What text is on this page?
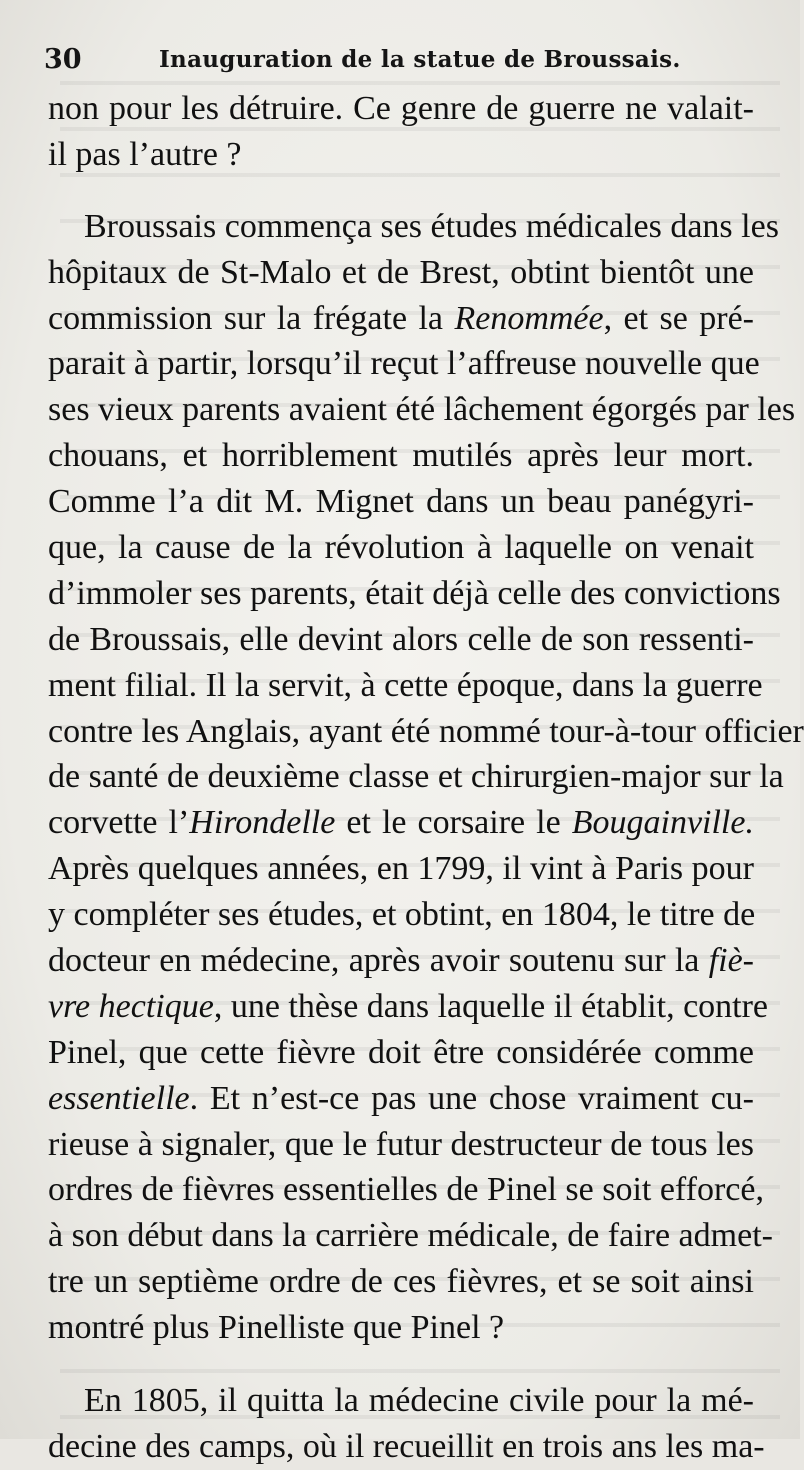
30	Inauguration de la statue de Broussais.
non pour les détruire. Ce genre de guerre ne valait-
il pas l’autre ?
Broussais commença ses études médicales dans les
hôpitaux de St-Malo et de Brest, obtint bientôt une
commission sur la frégate la Renommée, et se pré-
parait à partir, lorsqu’il reçut l’affreuse nouvelle que
ses vieux parents avaient été lâchement égorgés par les
chouans, et horriblement mutilés après leur mort.
Comme l’a dit M. Mignet dans un beau panégyri-
que, la cause de la révolution à laquelle on venait
d’immoler ses parents, était déjà celle des convictions
de Broussais, elle devint alors celle de son ressenti-
ment filial. Il la servit, à cette époque, dans la guerre
contre les Anglais, ayant été nommé tour-à-tour officier
de santé de deuxième classe et chirurgien-major sur la
corvette l’Hirondelle et le corsaire le Bougainville.
Après quelques années, en 1799, il vint à Paris pour
y compléter ses études, et obtint, en 1804, le titre de
docteur en médecine, après avoir soutenu sur la fiè-
vre hectique, une thèse dans laquelle il établit, contre
Pinel, que cette fièvre doit être considérée comme
essentielle. Et n’est-ce pas une chose vraiment cu-
rieuse à signaler, que le futur destructeur de tous les
ordres de fièvres essentielles de Pinel se soit efforcé,
à son début dans la carrière médicale, de faire admet-
tre un septième ordre de ces fièvres, et se soit ainsi
montré plus Pinelliste que Pinel ?
En 1805, il quitta la médecine civile pour la mé-
decine des camps, où il recueillit en trois ans les ma-
